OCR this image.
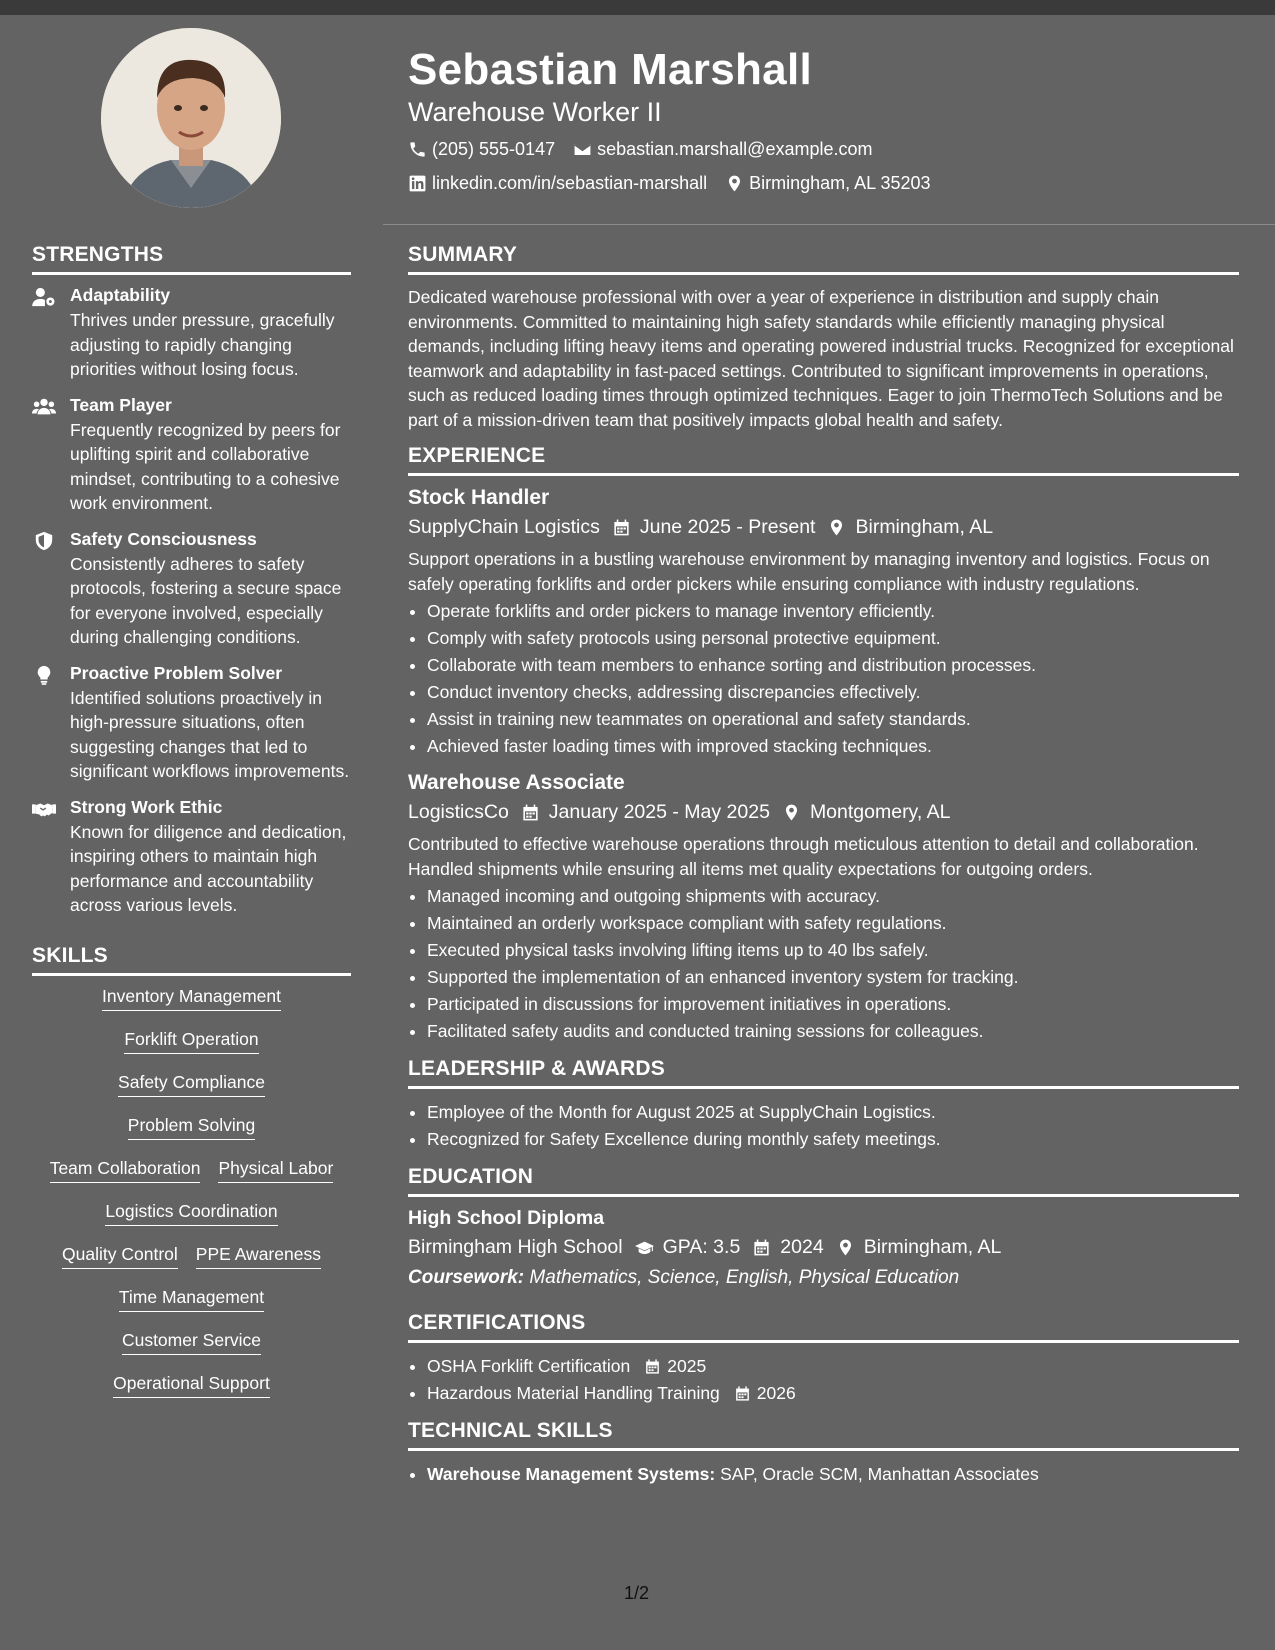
Sebastian Marshall
Warehouse Worker II
(205) 555-0147 sebastian.marshall@example.com
linkedin.com/in/sebastian-marshall Birmingham, AL 35203
STRENGTHS
Adaptability
Thrives under pressure, gracefully adjusting to rapidly changing priorities without losing focus.
Team Player
Frequently recognized by peers for uplifting spirit and collaborative mindset, contributing to a cohesive work environment.
Safety Consciousness
Consistently adheres to safety protocols, fostering a secure space for everyone involved, especially during challenging conditions.
Proactive Problem Solver
Identified solutions proactively in high-pressure situations, often suggesting changes that led to significant workflows improvements.
Strong Work Ethic
Known for diligence and dedication, inspiring others to maintain high performance and accountability across various levels.
SKILLS
Inventory Management
Forklift Operation
Safety Compliance
Problem Solving
Team Collaboration Physical Labor
Logistics Coordination
Quality Control PPE Awareness
Time Management
Customer Service
Operational Support
SUMMARY

Dedicated warehouse professional with over a year of experience in distribution and supply chain environments. Committed to maintaining high safety standards while efficiently managing physical demands, including lifting heavy items and operating powered industrial trucks. Recognized for exceptional teamwork and adaptability in fast-paced settings. Contributed to significant improvements in operations, such as reduced loading times through optimized techniques. Eager to join ThermoTech Solutions and be part of a mission-driven team that positively impacts global health and safety.

EXPERIENCE
Stock Handler
SupplyChain Logistics June 2025 - Present Birmingham, AL

Support operations in a bustling warehouse environment by managing inventory and logistics. Focus on safely operating forklifts and order pickers while ensuring compliance with industry regulations.

• Operate forklifts and order pickers to manage inventory efficiently.
• Comply with safety protocols using personal protective equipment.
• Collaborate with team members to enhance sorting and distribution processes.
• Conduct inventory checks, addressing discrepancies effectively.
• Assist in training new teammates on operational and safety standards.
• Achieved faster loading times with improved stacking techniques.
Warehouse Associate
LogisticsCo January 2025 - May 2025 Montgomery, AL

Contributed to effective warehouse operations through meticulous attention to detail and collaboration. Handled shipments while ensuring all items met quality expectations for outgoing orders.

• Managed incoming and outgoing shipments with accuracy.
• Maintained an orderly workspace compliant with safety regulations.
• Executed physical tasks involving lifting items up to 40 lbs safely.
• Supported the implementation of an enhanced inventory system for tracking.
• Participated in discussions for improvement initiatives in operations.
• Facilitated safety audits and conducted training sessions for colleagues.
LEADERSHIP & AWARDS
• Employee of the Month for August 2025 at SupplyChain Logistics.
• Recognized for Safety Excellence during monthly safety meetings.
EDUCATION
High School Diploma
Birmingham High School GPA: 3.5 2024 Birmingham, AL
Coursework: Mathematics, Science, English, Physical Education
CERTIFICATIONS
• OSHA Forklift Certification 2025
• Hazardous Material Handling Training 2026
TECHNICAL SKILLS
• Warehouse Management Systems: SAP, Oracle SCM, Manhattan Associates
1/2
